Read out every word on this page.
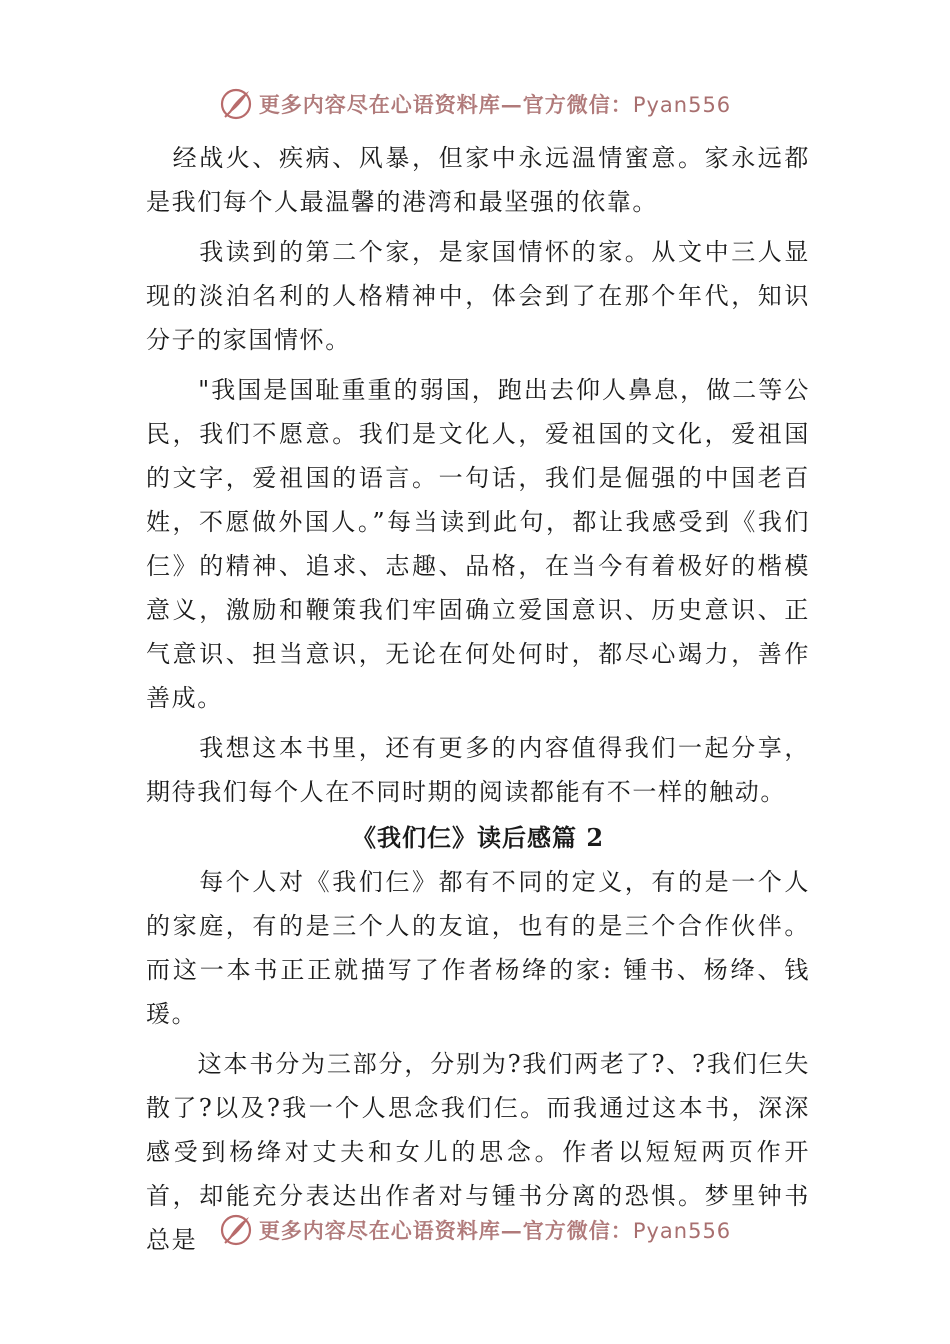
更多内容尽在心语资料库—官方微信：Pyan556

　经战火、疾病、风暴，但家中永远温情蜜意。家永远都是我们每个人最温馨的港湾和最坚强的依靠。

　　我读到的第二个家，是家国情怀的家。从文中三人显现的淡泊名利的人格精神中，体会到了在那个年代，知识分子的家国情怀。

　　"我国是国耻重重的弱国，跑出去仰人鼻息，做二等公民，我们不愿意。我们是文化人，爱祖国的文化，爱祖国的文字，爱祖国的语言。一句话，我们是倔强的中国老百姓，不愿做外国人。”每当读到此句，都让我感受到《我们仨》的精神、追求、志趣、品格，在当今有着极好的楷模意义，激励和鞭策我们牢固确立爱国意识、历史意识、正气意识、担当意识，无论在何处何时，都尽心竭力，善作善成。

　　我想这本书里，还有更多的内容值得我们一起分享，期待我们每个人在不同时期的阅读都能有不一样的触动。

《我们仨》读后感篇 2

　　每个人对《我们仨》都有不同的定义，有的是一个人的家庭，有的是三个人的友谊，也有的是三个合作伙伴。而这一本书正正就描写了作者杨绛的家: 锺书、杨绛、钱瑗。

　　这本书分为三部分，分别为?我们两老了?、?我们仨失散了?以及?我一个人思念我们仨。而我通过这本书，深深感受到杨绛对丈夫和女儿的思念。作者以短短两页作开首，却能充分表达出作者对与锺书分离的恐惧。梦里钟书总是	更多内容尽在心语资料库—官方微信：Pyan556
